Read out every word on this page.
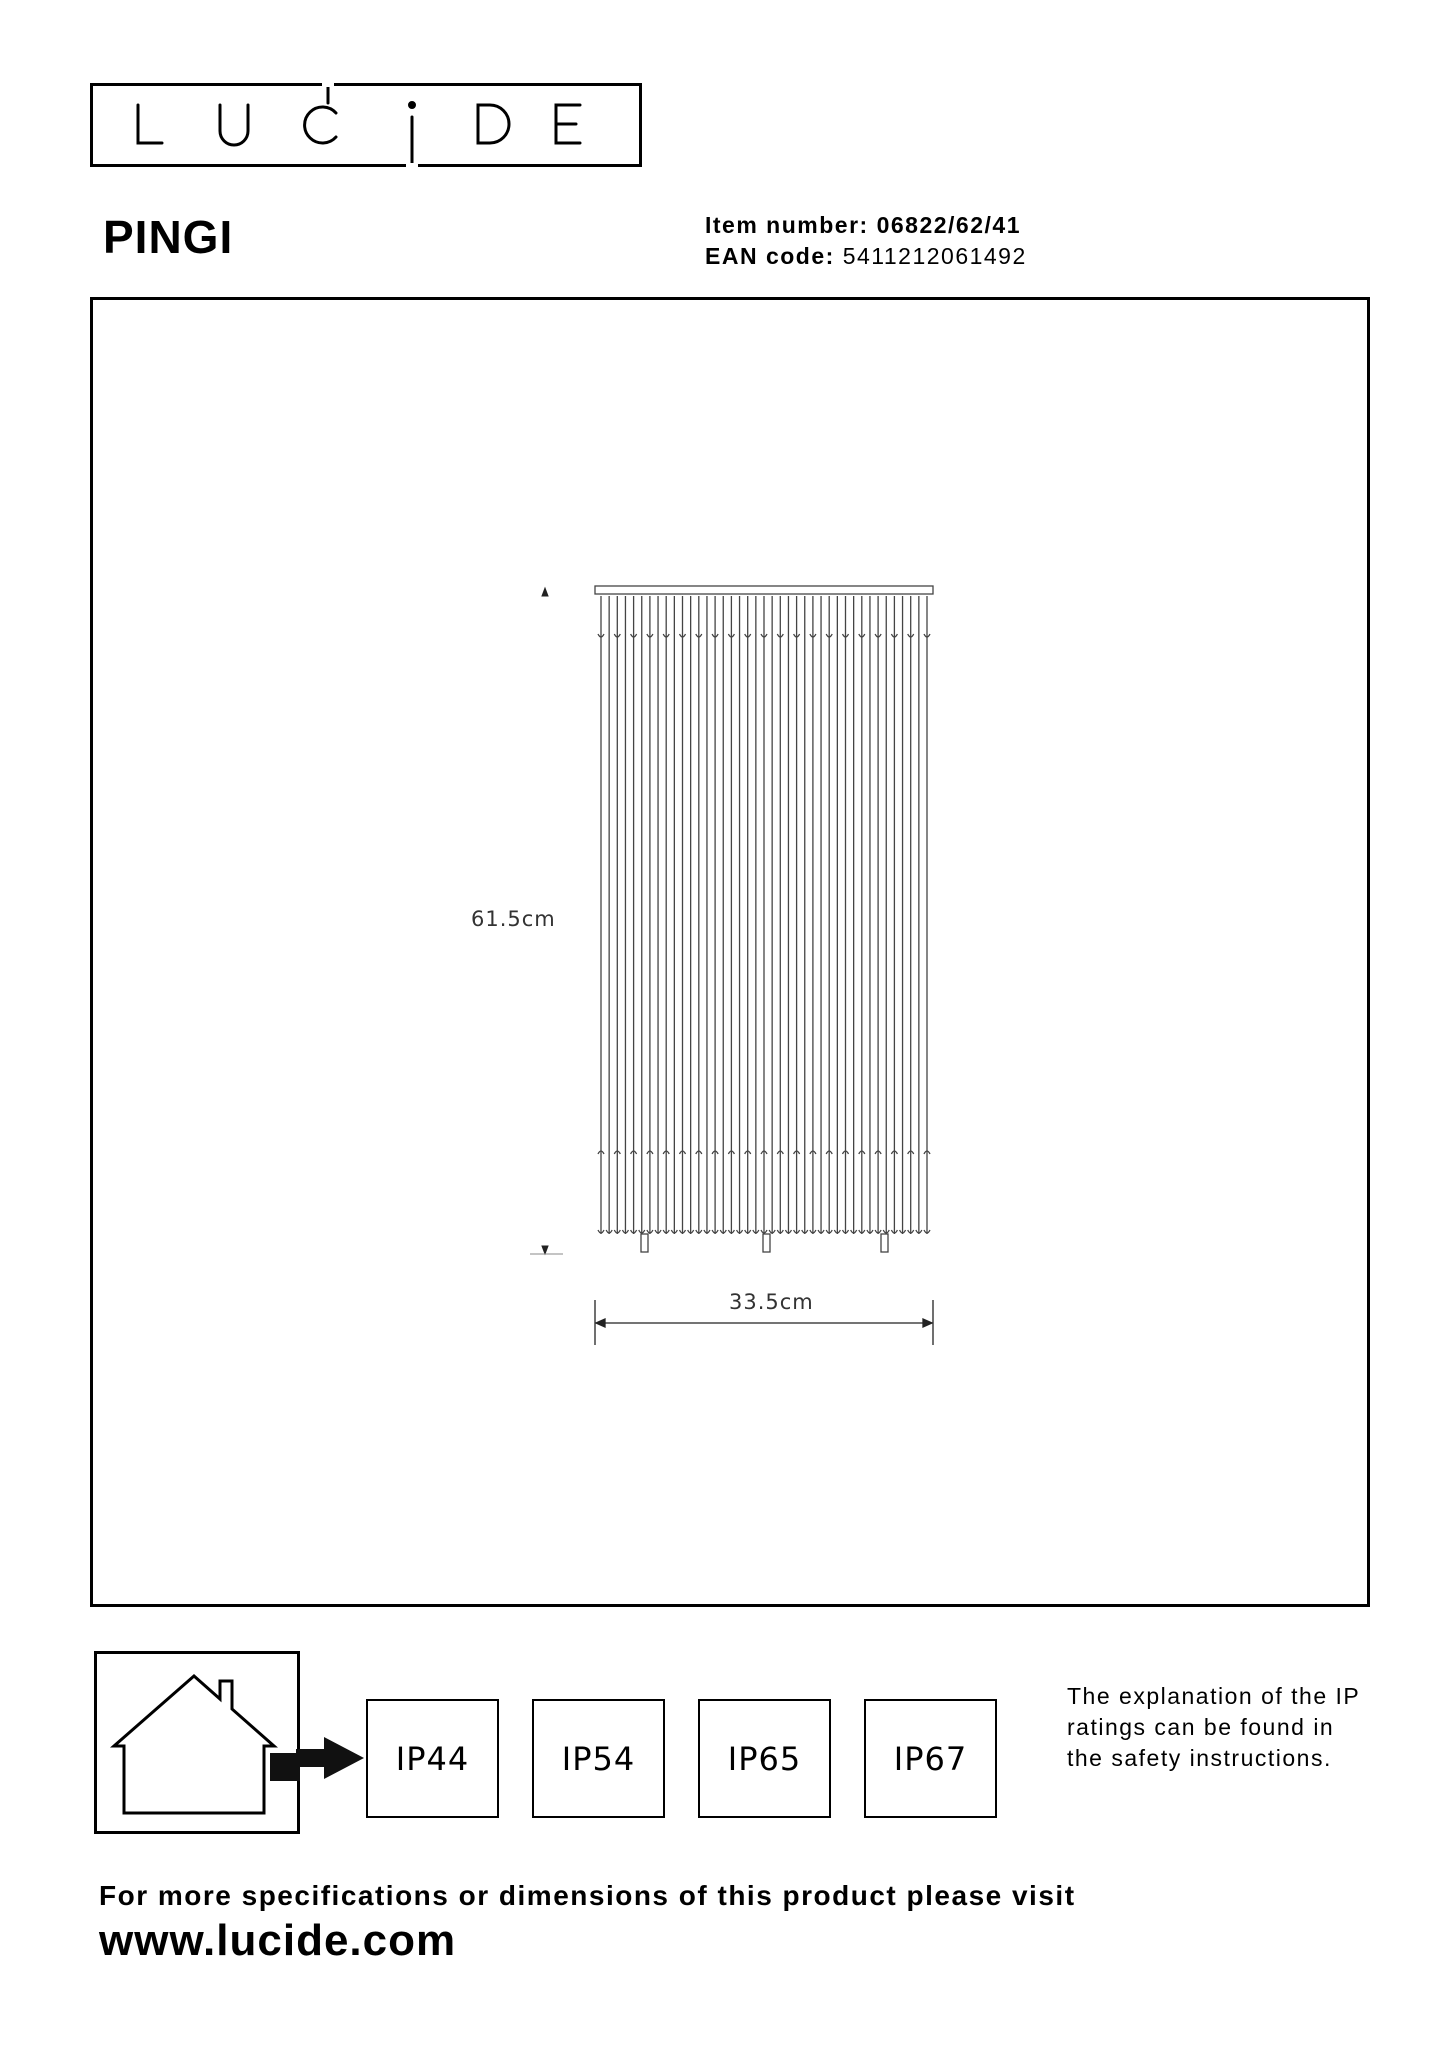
PINGI	Item number: 06822/62/41
EAN code: 5411212061492
61.5cm
33.5cm
IP44	IP54	IP65	IP67
The explanation of the IP ratings can be found in the safety instructions.
For more specifications or dimensions of this product please visit
www.lucide.com
